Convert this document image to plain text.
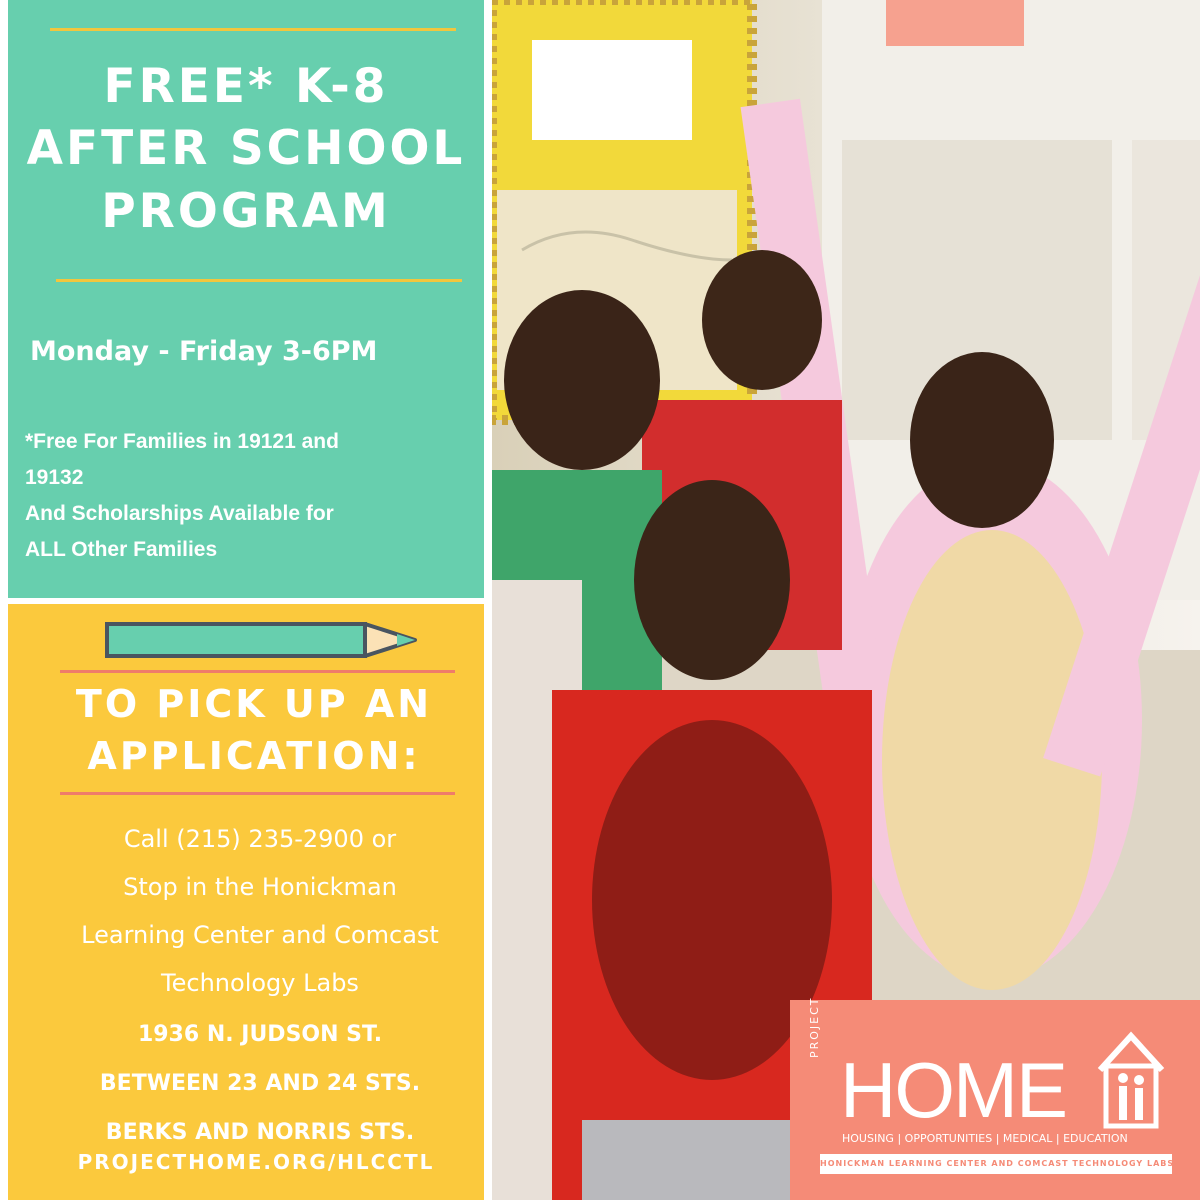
FREE* K-8
AFTER SCHOOL
PROGRAM
Monday - Friday 3-6PM
*Free For Families in 19121 and
19132
And Scholarships Available for
ALL Other Families
TO PICK UP AN
APPLICATION:
Call (215) 235-2900 or
Stop in the Honickman
Learning Center and Comcast
Technology Labs
1936 N. JUDSON ST.
BETWEEN 23 AND 24 STS.
BERKS AND NORRIS STS.
PROJECTHOME.ORG/HLCCTL
PROJECT
HOME
HOUSING | OPPORTUNITIES | MEDICAL | EDUCATION
HONICKMAN LEARNING CENTER AND COMCAST TECHNOLOGY LABS
